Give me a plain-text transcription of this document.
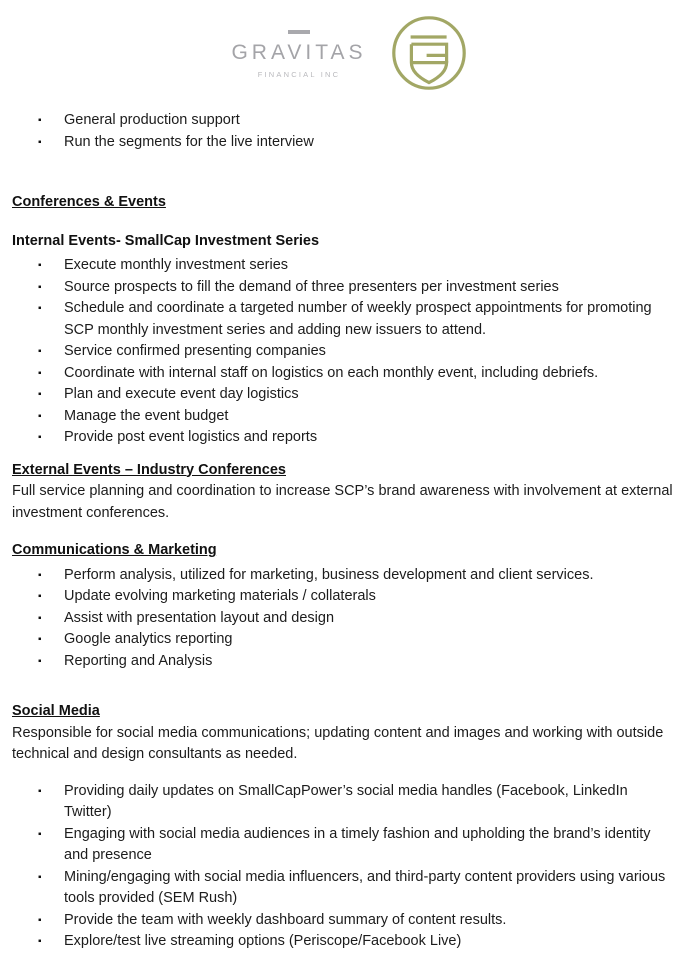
GRAVITAS
FINANCIAL INC
▪	General production support
▪	Run the segments for the live interview
Conferences & Events
Internal Events- SmallCap Investment Series
▪	Execute monthly investment series
▪	Source prospects to fill the demand of three presenters per investment series
▪	Schedule and coordinate a targeted number of weekly prospect appointments for promoting SCP monthly investment series and adding new issuers to attend.
▪	Service confirmed presenting companies
▪	Coordinate with internal staff on logistics on each monthly event, including debriefs.
▪	Plan and execute event day logistics
▪	Manage the event budget
▪	Provide post event logistics and reports
External Events – Industry Conferences

Full service planning and coordination to increase SCP’s brand awareness with involvement at external investment conferences.

Communications & Marketing
▪	Perform analysis, utilized for marketing, business development and client services.
▪	Update evolving marketing materials / collaterals
▪	Assist with presentation layout and design
▪	Google analytics reporting
▪	Reporting and Analysis
Social Media

Responsible for social media communications; updating content and images and working with outside technical and design consultants as needed.

▪	Providing daily updates on SmallCapPower’s social media handles (Facebook, LinkedIn Twitter)
▪	Engaging with social media audiences in a timely fashion and upholding the brand’s identity and presence
▪	Mining/engaging with social media influencers, and third-party content providers using various tools provided (SEM Rush)
▪	Provide the team with weekly dashboard summary of content results.
▪	Explore/test live streaming options (Periscope/Facebook Live)
